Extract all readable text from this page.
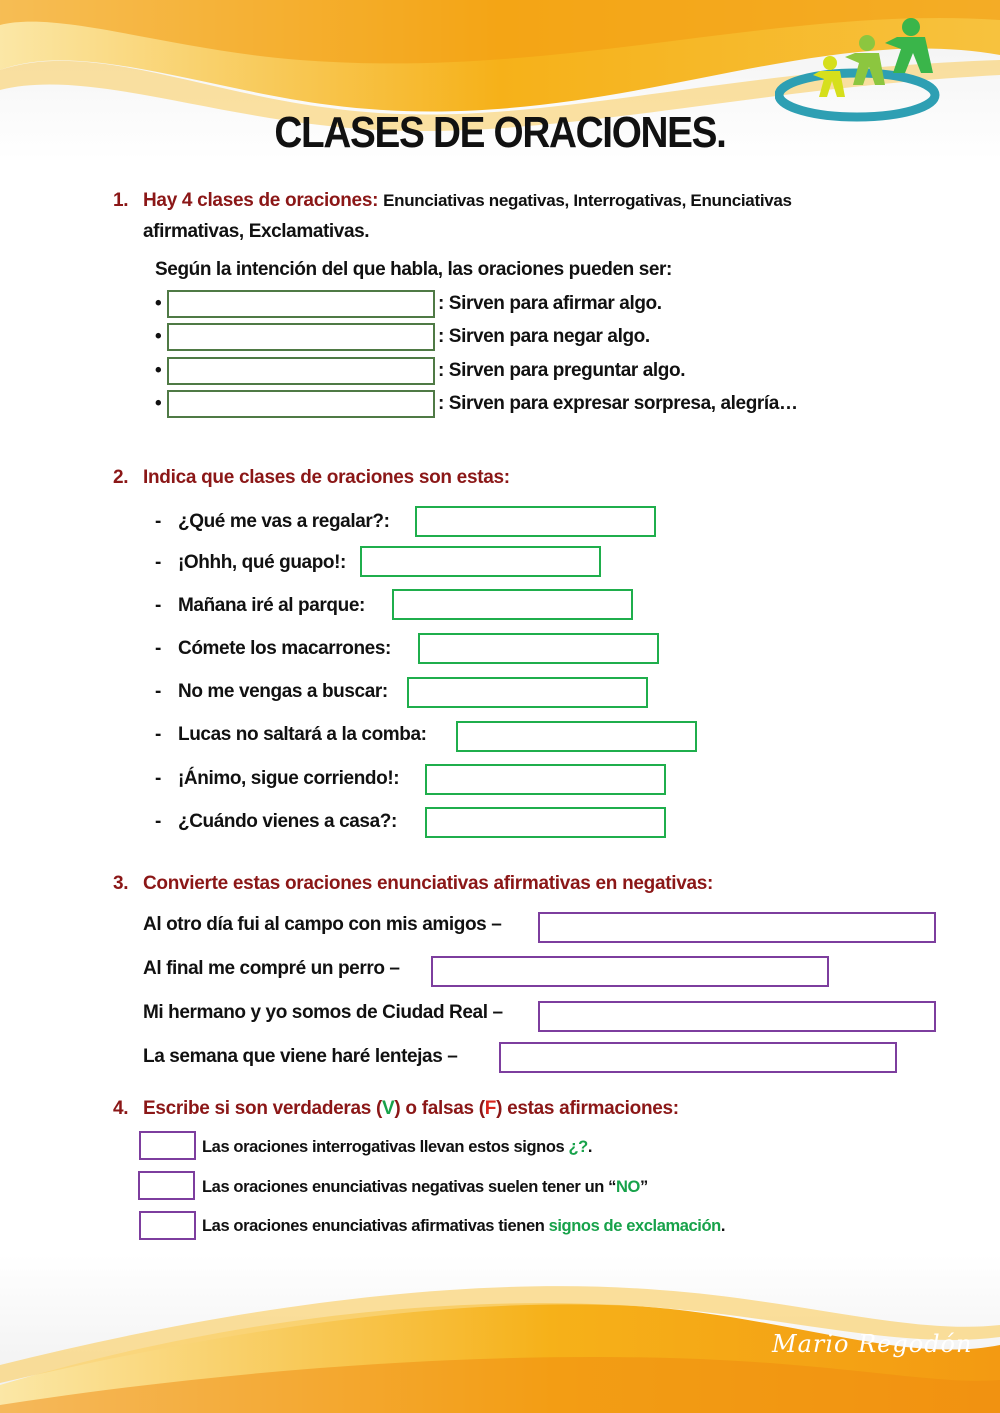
CLASES DE ORACIONES.
1. Hay 4 clases de oraciones: Enunciativas negativas, Interrogativas, Enunciativas
afirmativas, Exclamativas.
Según la intención del que habla, las oraciones pueden ser:
•	: Sirven para afirmar algo.
•	: Sirven para negar algo.
•	: Sirven para preguntar algo.
•	: Sirven para expresar sorpresa, alegría…
2. Indica que clases de oraciones son estas:
- ¿Qué me vas a regalar?:
- ¡Ohhh, qué guapo!:
- Mañana iré al parque:
- Cómete los macarrones:
- No me vengas a buscar:
- Lucas no saltará a la comba:
- ¡Ánimo, sigue corriendo!:
- ¿Cuándo vienes a casa?:
3. Convierte estas oraciones enunciativas afirmativas en negativas:
Al otro día fui al campo con mis amigos –
Al final me compré un perro –
Mi hermano y yo somos de Ciudad Real –
La semana que viene haré lentejas –
4. Escribe si son verdaderas (V) o falsas (F) estas afirmaciones:
Las oraciones interrogativas llevan estos signos ¿?.
Las oraciones enunciativas negativas suelen tener un “NO”
Las oraciones enunciativas afirmativas tienen signos de exclamación.
Mario Regodón
